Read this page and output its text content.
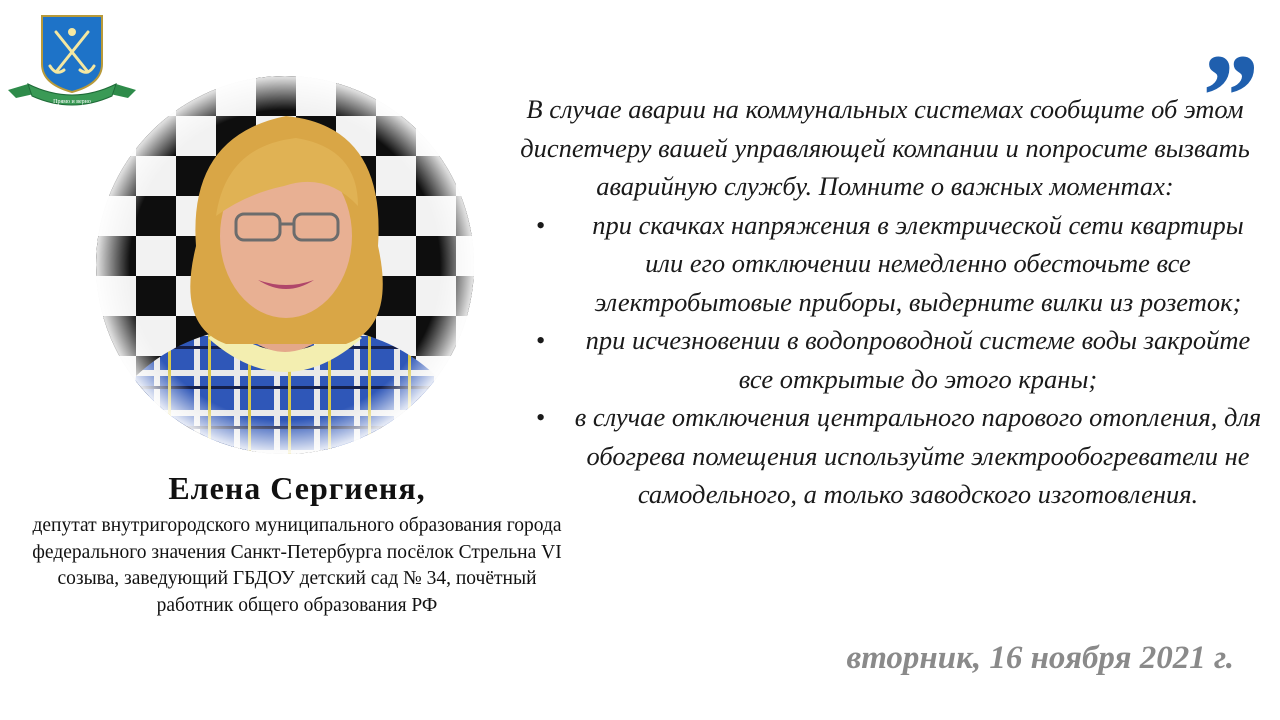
Прямо и верно	”
Елена Сергиеня,
депутат внутригородского муниципального образования города федерального значения Санкт-Петербурга посёлок Стрельна VI созыва, заведующий ГБДОУ детский сад № 34, почётный работник общего образования РФ

В случае аварии на коммунальных системах сообщите об этом диспетчеру вашей управляющей компании и попросите вызвать аварийную службу. Помните о важных моментах:

• при скачках напряжения в электрической сети квартиры или его отключении немедленно обесточьте все электробытовые приборы, выдерните вилки из розеток;
• при исчезновении в водопроводной системе воды закройте все открытые до этого краны;
• в случае отключения центрального парового отопления, для обогрева помещения используйте электрообогреватели не самодельного, а только заводского изготовления.
вторник, 16 ноября 2021 г.
